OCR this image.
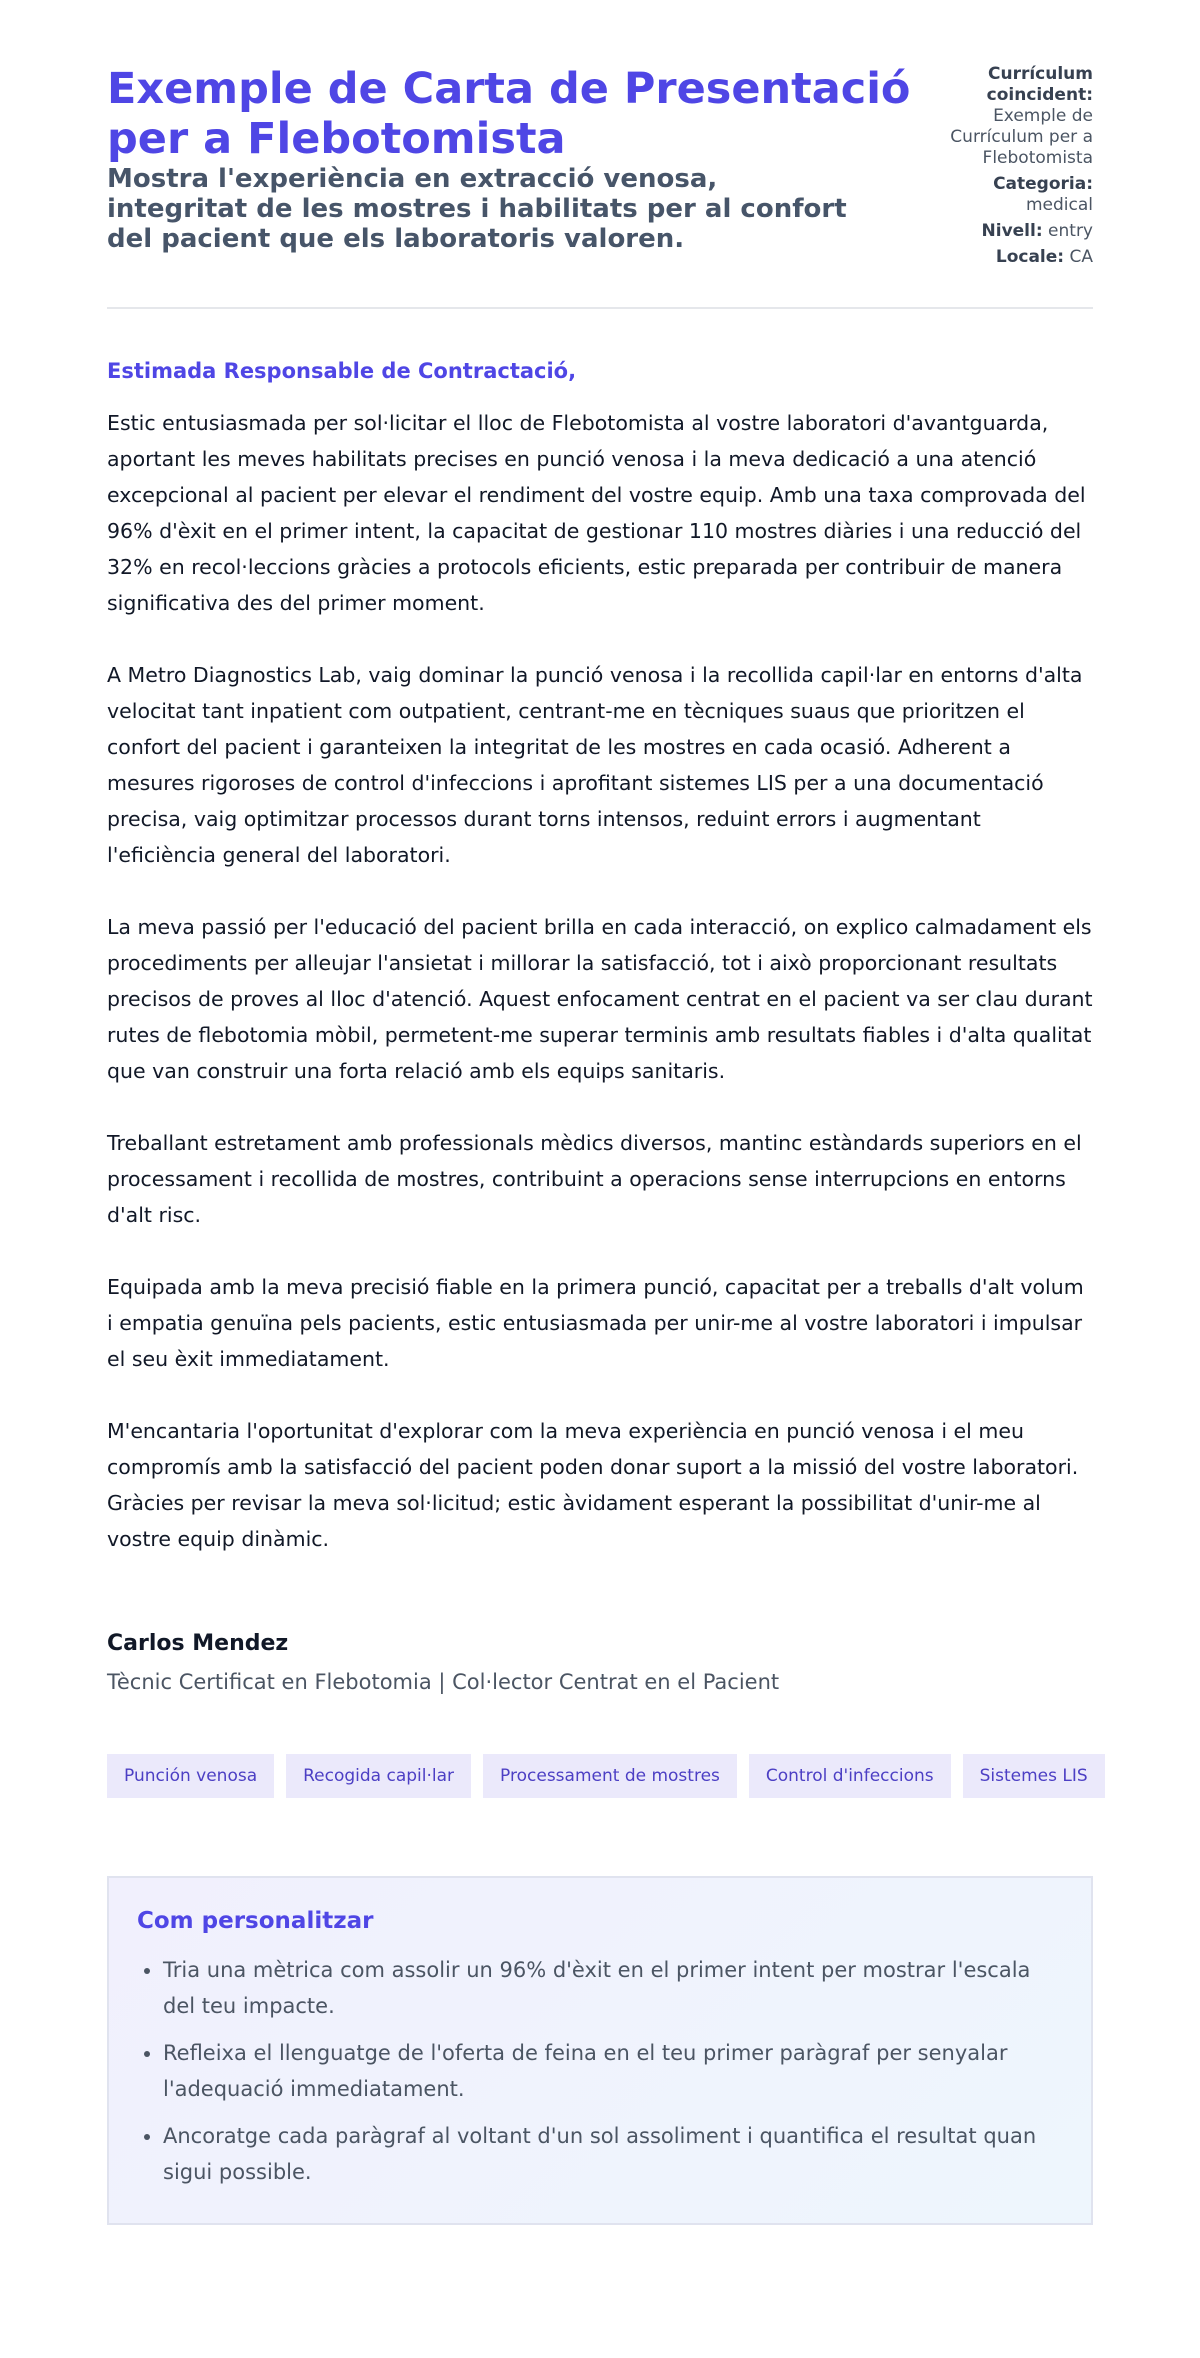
Exemple de Carta de Presentació per a Flebotomista

Mostra l'experiència en extracció venosa, integritat de les mostres i habilitats per al confort del pacient que els laboratoris valoren.

Currículum coincident:
Exemple de Currículum per a Flebotomista
Categoria: medical
Nivell: entry
Locale: CA
Estimada Responsable de Contractació,

Estic entusiasmada per sol·licitar el lloc de Flebotomista al vostre laboratori d'avantguarda, aportant les meves habilitats precises en punció venosa i la meva dedicació a una atenció excepcional al pacient per elevar el rendiment del vostre equip. Amb una taxa comprovada del 96% d'èxit en el primer intent, la capacitat de gestionar 110 mostres diàries i una reducció del 32% en recol·leccions gràcies a protocols eficients, estic preparada per contribuir de manera significativa des del primer moment.

A Metro Diagnostics Lab, vaig dominar la punció venosa i la recollida capil·lar en entorns d'alta velocitat tant inpatient com outpatient, centrant-me en tècniques suaus que prioritzen el confort del pacient i garanteixen la integritat de les mostres en cada ocasió. Adherent a mesures rigoroses de control d'infeccions i aprofitant sistemes LIS per a una documentació precisa, vaig optimitzar processos durant torns intensos, reduint errors i augmentant l'eficiència general del laboratori.

La meva passió per l'educació del pacient brilla en cada interacció, on explico calmadament els procediments per alleujar l'ansietat i millorar la satisfacció, tot i això proporcionant resultats precisos de proves al lloc d'atenció. Aquest enfocament centrat en el pacient va ser clau durant rutes de flebotomia mòbil, permetent-me superar terminis amb resultats fiables i d'alta qualitat que van construir una forta relació amb els equips sanitaris.

Treballant estretament amb professionals mèdics diversos, mantinc estàndards superiors en el processament i recollida de mostres, contribuint a operacions sense interrupcions en entorns d'alt risc.

Equipada amb la meva precisió fiable en la primera punció, capacitat per a treballs d'alt volum i empatia genuïna pels pacients, estic entusiasmada per unir-me al vostre laboratori i impulsar el seu èxit immediatament.

M'encantaria l'oportunitat d'explorar com la meva experiència en punció venosa i el meu compromís amb la satisfacció del pacient poden donar suport a la missió del vostre laboratori. Gràcies per revisar la meva sol·licitud; estic àvidament esperant la possibilitat d'unir-me al vostre equip dinàmic.

Carlos Mendez
Tècnic Certificat en Flebotomia | Col·lector Centrat en el Pacient
Punción venosa	Recogida capil·lar	Processament de mostres	Control d'infeccions	Sistemes LIS
Com personalitzar
• Tria una mètrica com assolir un 96% d'èxit en el primer intent per mostrar l'escala del teu impacte.
• Refleixa el llenguatge de l'oferta de feina en el teu primer paràgraf per senyalar l'adequació immediatament.
• Ancoratge cada paràgraf al voltant d'un sol assoliment i quantifica el resultat quan sigui possible.
